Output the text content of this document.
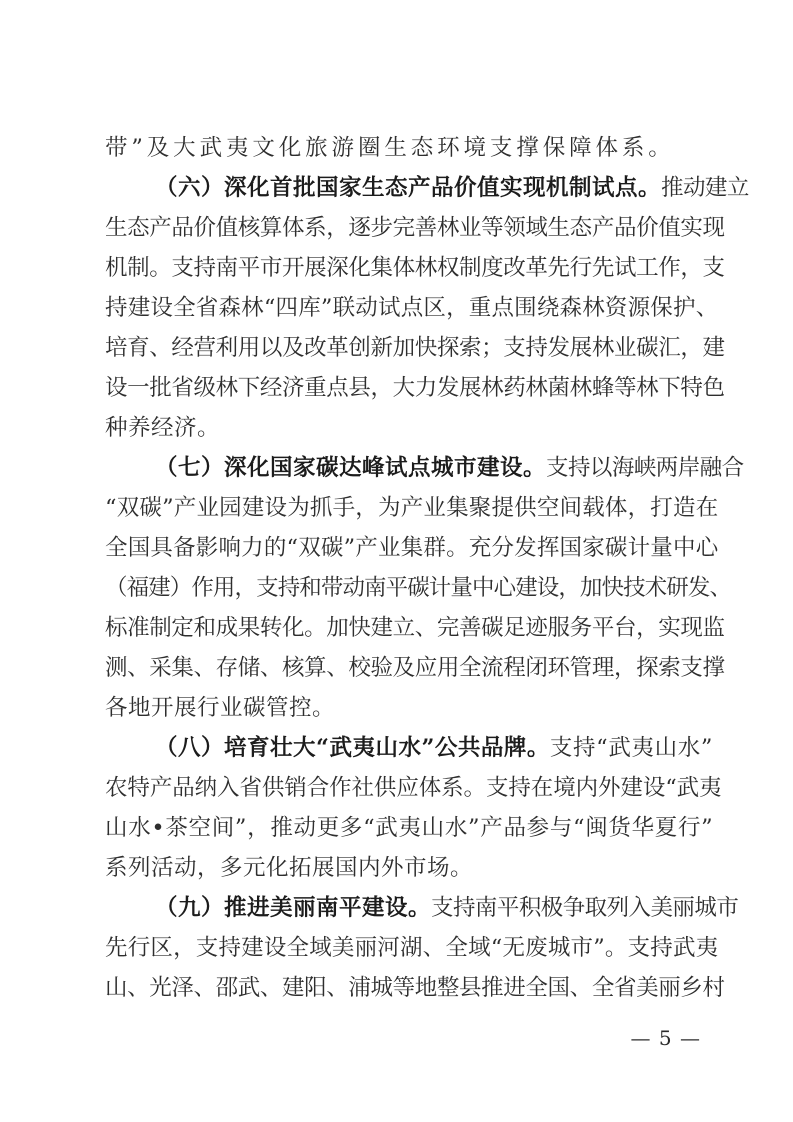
带”及大武夷文化旅游圈生态环境支撑保障体系。
（六）深化首批国家生态产品价值实现机制试点。推动建立
生态产品价值核算体系，逐步完善林业等领域生态产品价值实现
机制。支持南平市开展深化集体林权制度改革先行先试工作，支
持建设全省森林“四库”联动试点区，重点围绕森林资源保护、
培育、经营利用以及改革创新加快探索；支持发展林业碳汇，建
设一批省级林下经济重点县，大力发展林药林菌林蜂等林下特色
种养经济。
（七）深化国家碳达峰试点城市建设。支持以海峡两岸融合
“双碳”产业园建设为抓手，为产业集聚提供空间载体，打造在
全国具备影响力的“双碳”产业集群。充分发挥国家碳计量中心
（福建）作用，支持和带动南平碳计量中心建设，加快技术研发、
标准制定和成果转化。加快建立、完善碳足迹服务平台，实现监
测、采集、存储、核算、校验及应用全流程闭环管理，探索支撑
各地开展行业碳管控。
（八）培育壮大“武夷山水”公共品牌。支持“武夷山水”
农特产品纳入省供销合作社供应体系。支持在境内外建设“武夷
山水•茶空间”，推动更多“武夷山水”产品参与“闽货华夏行”
系列活动，多元化拓展国内外市场。
（九）推进美丽南平建设。支持南平积极争取列入美丽城市
先行区，支持建设全域美丽河湖、全域“无废城市”。支持武夷
山、光泽、邵武、建阳、浦城等地整县推进全国、全省美丽乡村
— 5 —
